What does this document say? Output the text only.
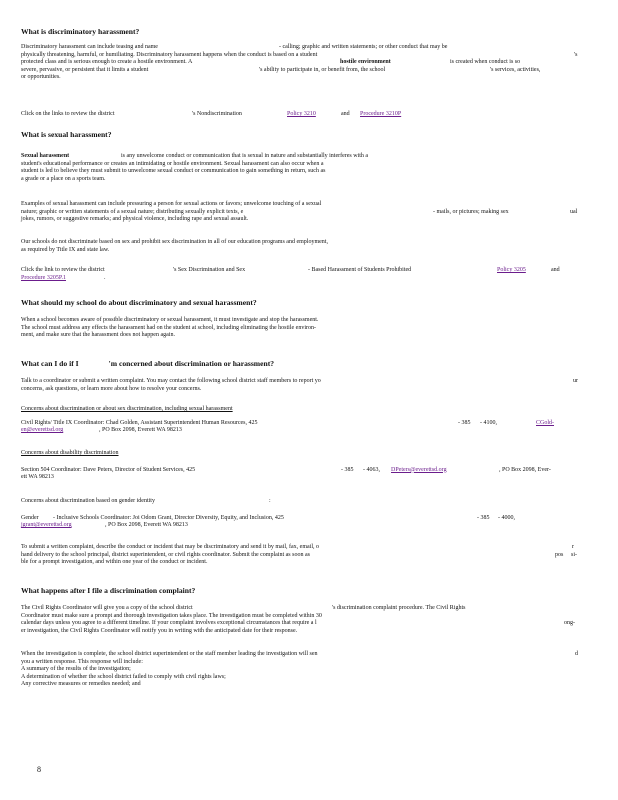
What is discriminatory harassment?
Discriminatory harassment can include teasing and name	- calling; graphic and written statements; or other conduct that may be
physically threatening, harmful, or humiliating. Discriminatory harassment happens when the conduct is based on a student	's
protected class and is serious enough to create a hostile environment. A	hostile environment	is created when conduct is so
severe, pervasive, or persistent that it limits a student	's ability to participate in, or benefit from, the school	's services, activities,
or opportunities.
Click on the links to review the district	's Nondiscrimination	Policy 3210	and Procedure 3210P
What is sexual harassment?
Sexual harassment	is any unwelcome conduct or communication that is sexual in nature and substantially interferes with a
student's educational performance or creates an intimidating or hostile environment. Sexual harassment can also occur when a
student is led to believe they must submit to unwelcome sexual conduct or communication to gain something in return, such as
a grade or a place on a sports team.
Examples of sexual harassment can include pressuring a person for sexual actions or favors; unwelcome touching of a sexual
nature; graphic or written statements of a sexual nature; distributing sexually explicit texts, e	- mails, or pictures; making sex	ual
jokes, rumors, or suggestive remarks; and physical violence, including rape and sexual assault.
Our schools do not discriminate based on sex and prohibit sex discrimination in all of our education programs and employment,
as required by Title IX and state law.
Click the link to review the district	's Sex Discrimination and Sex	- Based Harassment of Students Prohibited	Policy 3205	and
Procedure 3205P.1	.
What should my school do about discriminatory and sexual harassment?
When a school becomes aware of possible discriminatory or sexual harassment, it must investigate and stop the harassment.
The school must address any effects the harassment had on the student at school, including eliminating the hostile environ-
ment, and make sure that the harassment does not happen again.
What can I do if I	'm concerned about discrimination or harassment?
Talk to a coordinator or submit a written complaint. You may contact the following school district staff members to report yo	ur
concerns, ask questions, or learn more about how to resolve your concerns.
Concerns about discrimination or about sex discrimination, including sexual harassment
Civil Rights/ Title IX Coordinator: Chad Golden, Assistant Superintendent Human Resources, 425	- 385 - 4100,	CGold-
en@everettsd.org	, PO Box 2098, Everett WA 98213
Concerns about disability discrimination
Section 504 Coordinator: Dave Peters, Director of Student Services, 425	- 385 - 4063, DPeters@everettsd.org	, PO Box 2098, Ever-
ett WA 98213
Concerns about discrimination based on gender identity	:
Gender - Inclusive Schools Coordinator: Joi Odom Grant, Director Diversity, Equity, and Inclusion, 425	- 385 - 4000,
jgrant@everettsd.org	, PO Box 2098, Everett WA 98213
To submit a written complaint, describe the conduct or incident that may be discriminatory and send it by mail, fax, email, o	r
hand delivery to the school principal, district superintendent, or civil rights coordinator. Submit the complaint as soon as	pos si-
ble for a prompt investigation, and within one year of the conduct or incident.
What happens after I file a discrimination complaint?
The Civil Rights Coordinator will give you a copy of the school district	's discrimination complaint procedure. The Civil Rights
Coordinator must make sure a prompt and thorough investigation takes place. The investigation must be completed within 30
calendar days unless you agree to a different timeline. If your complaint involves exceptional circumstances that require a l	ong-
er investigation, the Civil Rights Coordinator will notify you in writing with the anticipated date for their response.
When the investigation is complete, the school district superintendent or the staff member leading the investigation will sen	d
you a written response. This response will include:
A summary of the results of the investigation;
A determination of whether the school district failed to comply with civil rights laws;
Any corrective measures or remedies needed; and
8
